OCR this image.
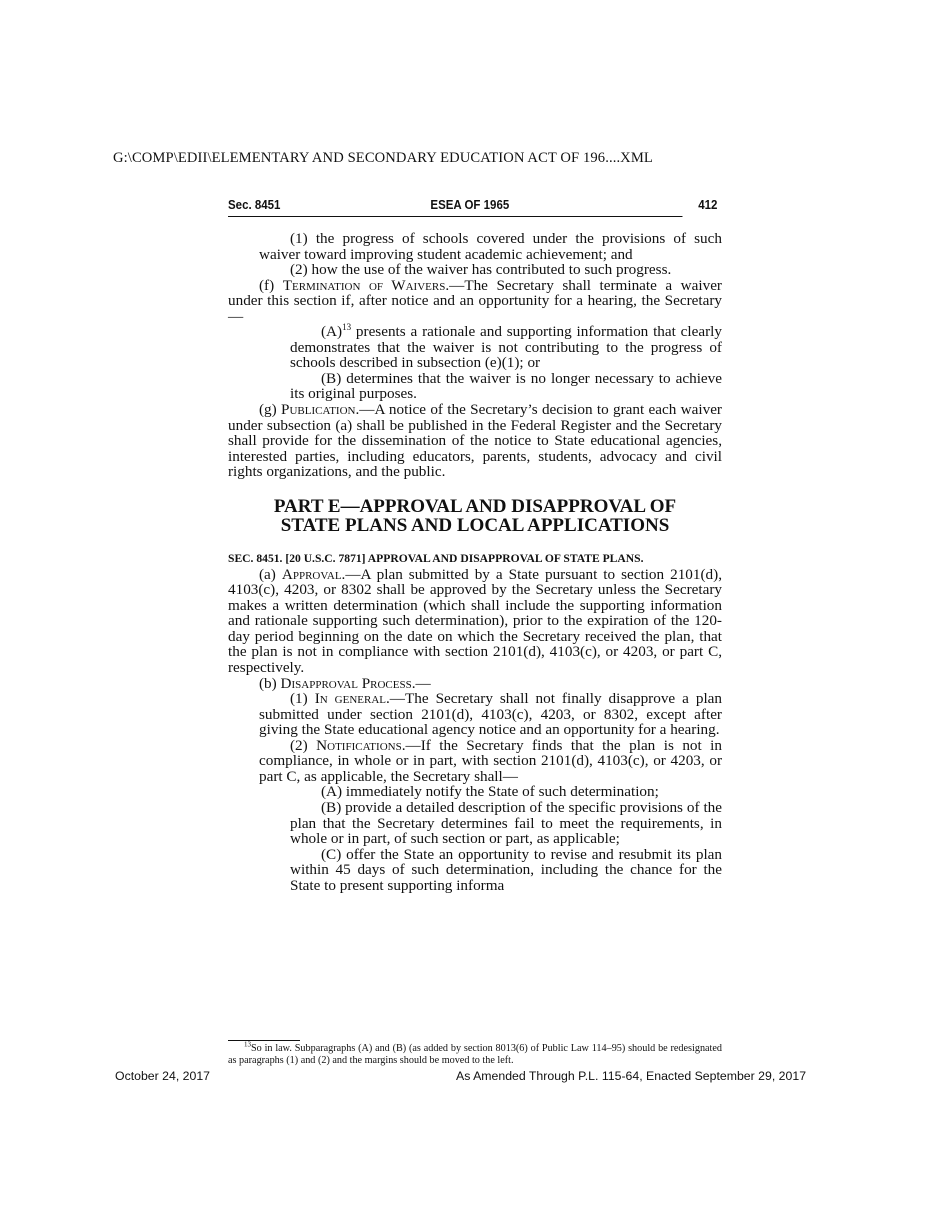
G:\COMP\EDII\ELEMENTARY AND SECONDARY EDUCATION ACT OF 196....XML
Sec. 8451	ESEA OF 1965	412

(1) the progress of schools covered under the provisions of such waiver toward improving student academic achievement; and

(2) how the use of the waiver has contributed to such progress.

(f) Termination of Waivers.—The Secretary shall terminate a waiver under this section if, after notice and an opportunity for a hearing, the Secretary—

$(A)^{13}$ presents a rationale and supporting information that clearly demonstrates that the waiver is not contributing to the progress of schools described in subsection (e)(1); or

(B) determines that the waiver is no longer necessary to achieve its original purposes.

(g) Publication.—A notice of the Secretary’s decision to grant each waiver under subsection (a) shall be published in the Federal Register and the Secretary shall provide for the dissemination of the notice to State educational agencies, interested parties, including educators, parents, students, advocacy and civil rights organizations, and the public.

PART E—APPROVAL AND DISAPPROVAL OF
STATE PLANS AND LOCAL APPLICATIONS

SEC. 8451. [20 U.S.C. 7871] APPROVAL AND DISAPPROVAL OF STATE PLANS.

(a) Approval.—A plan submitted by a State pursuant to section 2101(d), 4103(c), 4203, or 8302 shall be approved by the Secretary unless the Secretary makes a written determination (which shall include the supporting information and rationale supporting such determination), prior to the expiration of the 120-day period beginning on the date on which the Secretary received the plan, that the plan is not in compliance with section 2101(d), 4103(c), or 4203, or part C, respectively.

(b) Disapproval Process.—

(1) In general.—The Secretary shall not finally disapprove a plan submitted under section 2101(d), 4103(c), 4203, or 8302, except after giving the State educational agency notice and an opportunity for a hearing.

(2) Notifications.—If the Secretary finds that the plan is not in compliance, in whole or in part, with section 2101(d), 4103(c), or 4203, or part C, as applicable, the Secretary shall—

(A) immediately notify the State of such determination;

(B) provide a detailed description of the specific provisions of the plan that the Secretary determines fail to meet the requirements, in whole or in part, of such section or part, as applicable;

(C) offer the State an opportunity to revise and resubmit its plan within 45 days of such determination, including the chance for the State to present supporting informa

$^{13}$So in law. Subparagraphs (A) and (B) (as added by section 8013(6) of Public Law 114–95) should be redesignated as paragraphs (1) and (2) and the margins should be moved to the left.
October 24, 2017	As Amended Through P.L. 115-64, Enacted September 29, 2017
